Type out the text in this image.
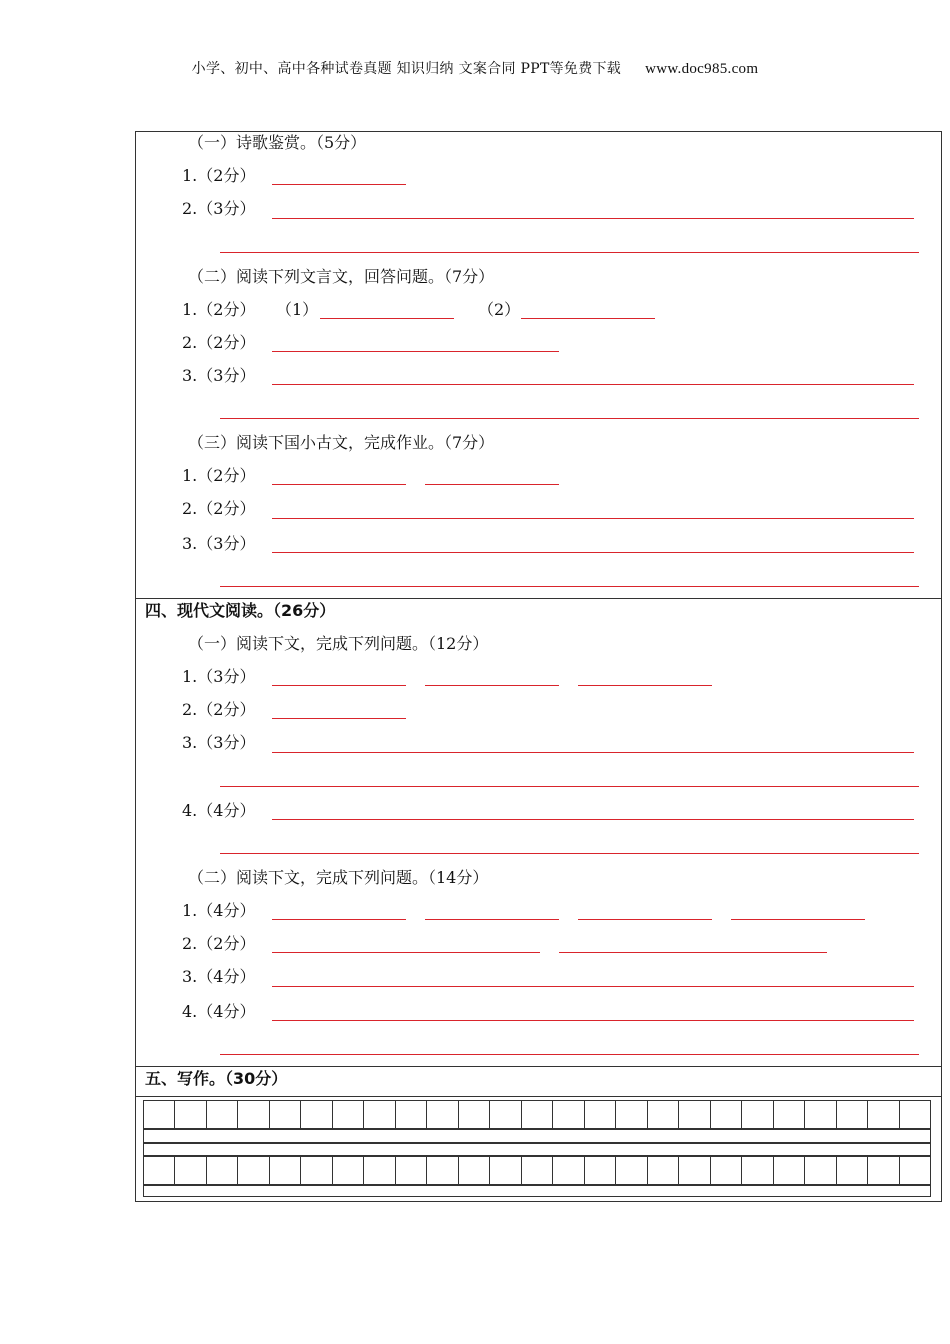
小学、初中、高中各种试卷真题 知识归纳 文案合同 PPT等免费下载 www.doc985.com
（一）诗歌鉴赏。（5分）
1.（2分）
2.（3分）
（二）阅读下列文言文，回答问题。（7分）
1.（2分） （1）	（2）
2.（2分）
3.（3分）
（三）阅读下国小古文，完成作业。（7分）
1.（2分）
2.（2分）
3.（3分）
四、现代文阅读。（26分）
（一）阅读下文，完成下列问题。（12分）
1.（3分）
2.（2分）
3.（3分）
4.（4分）
（二）阅读下文，完成下列问题。（14分）
1.（4分）
2.（2分）
3.（4分）
4.（4分）
五、写作。（30分）
